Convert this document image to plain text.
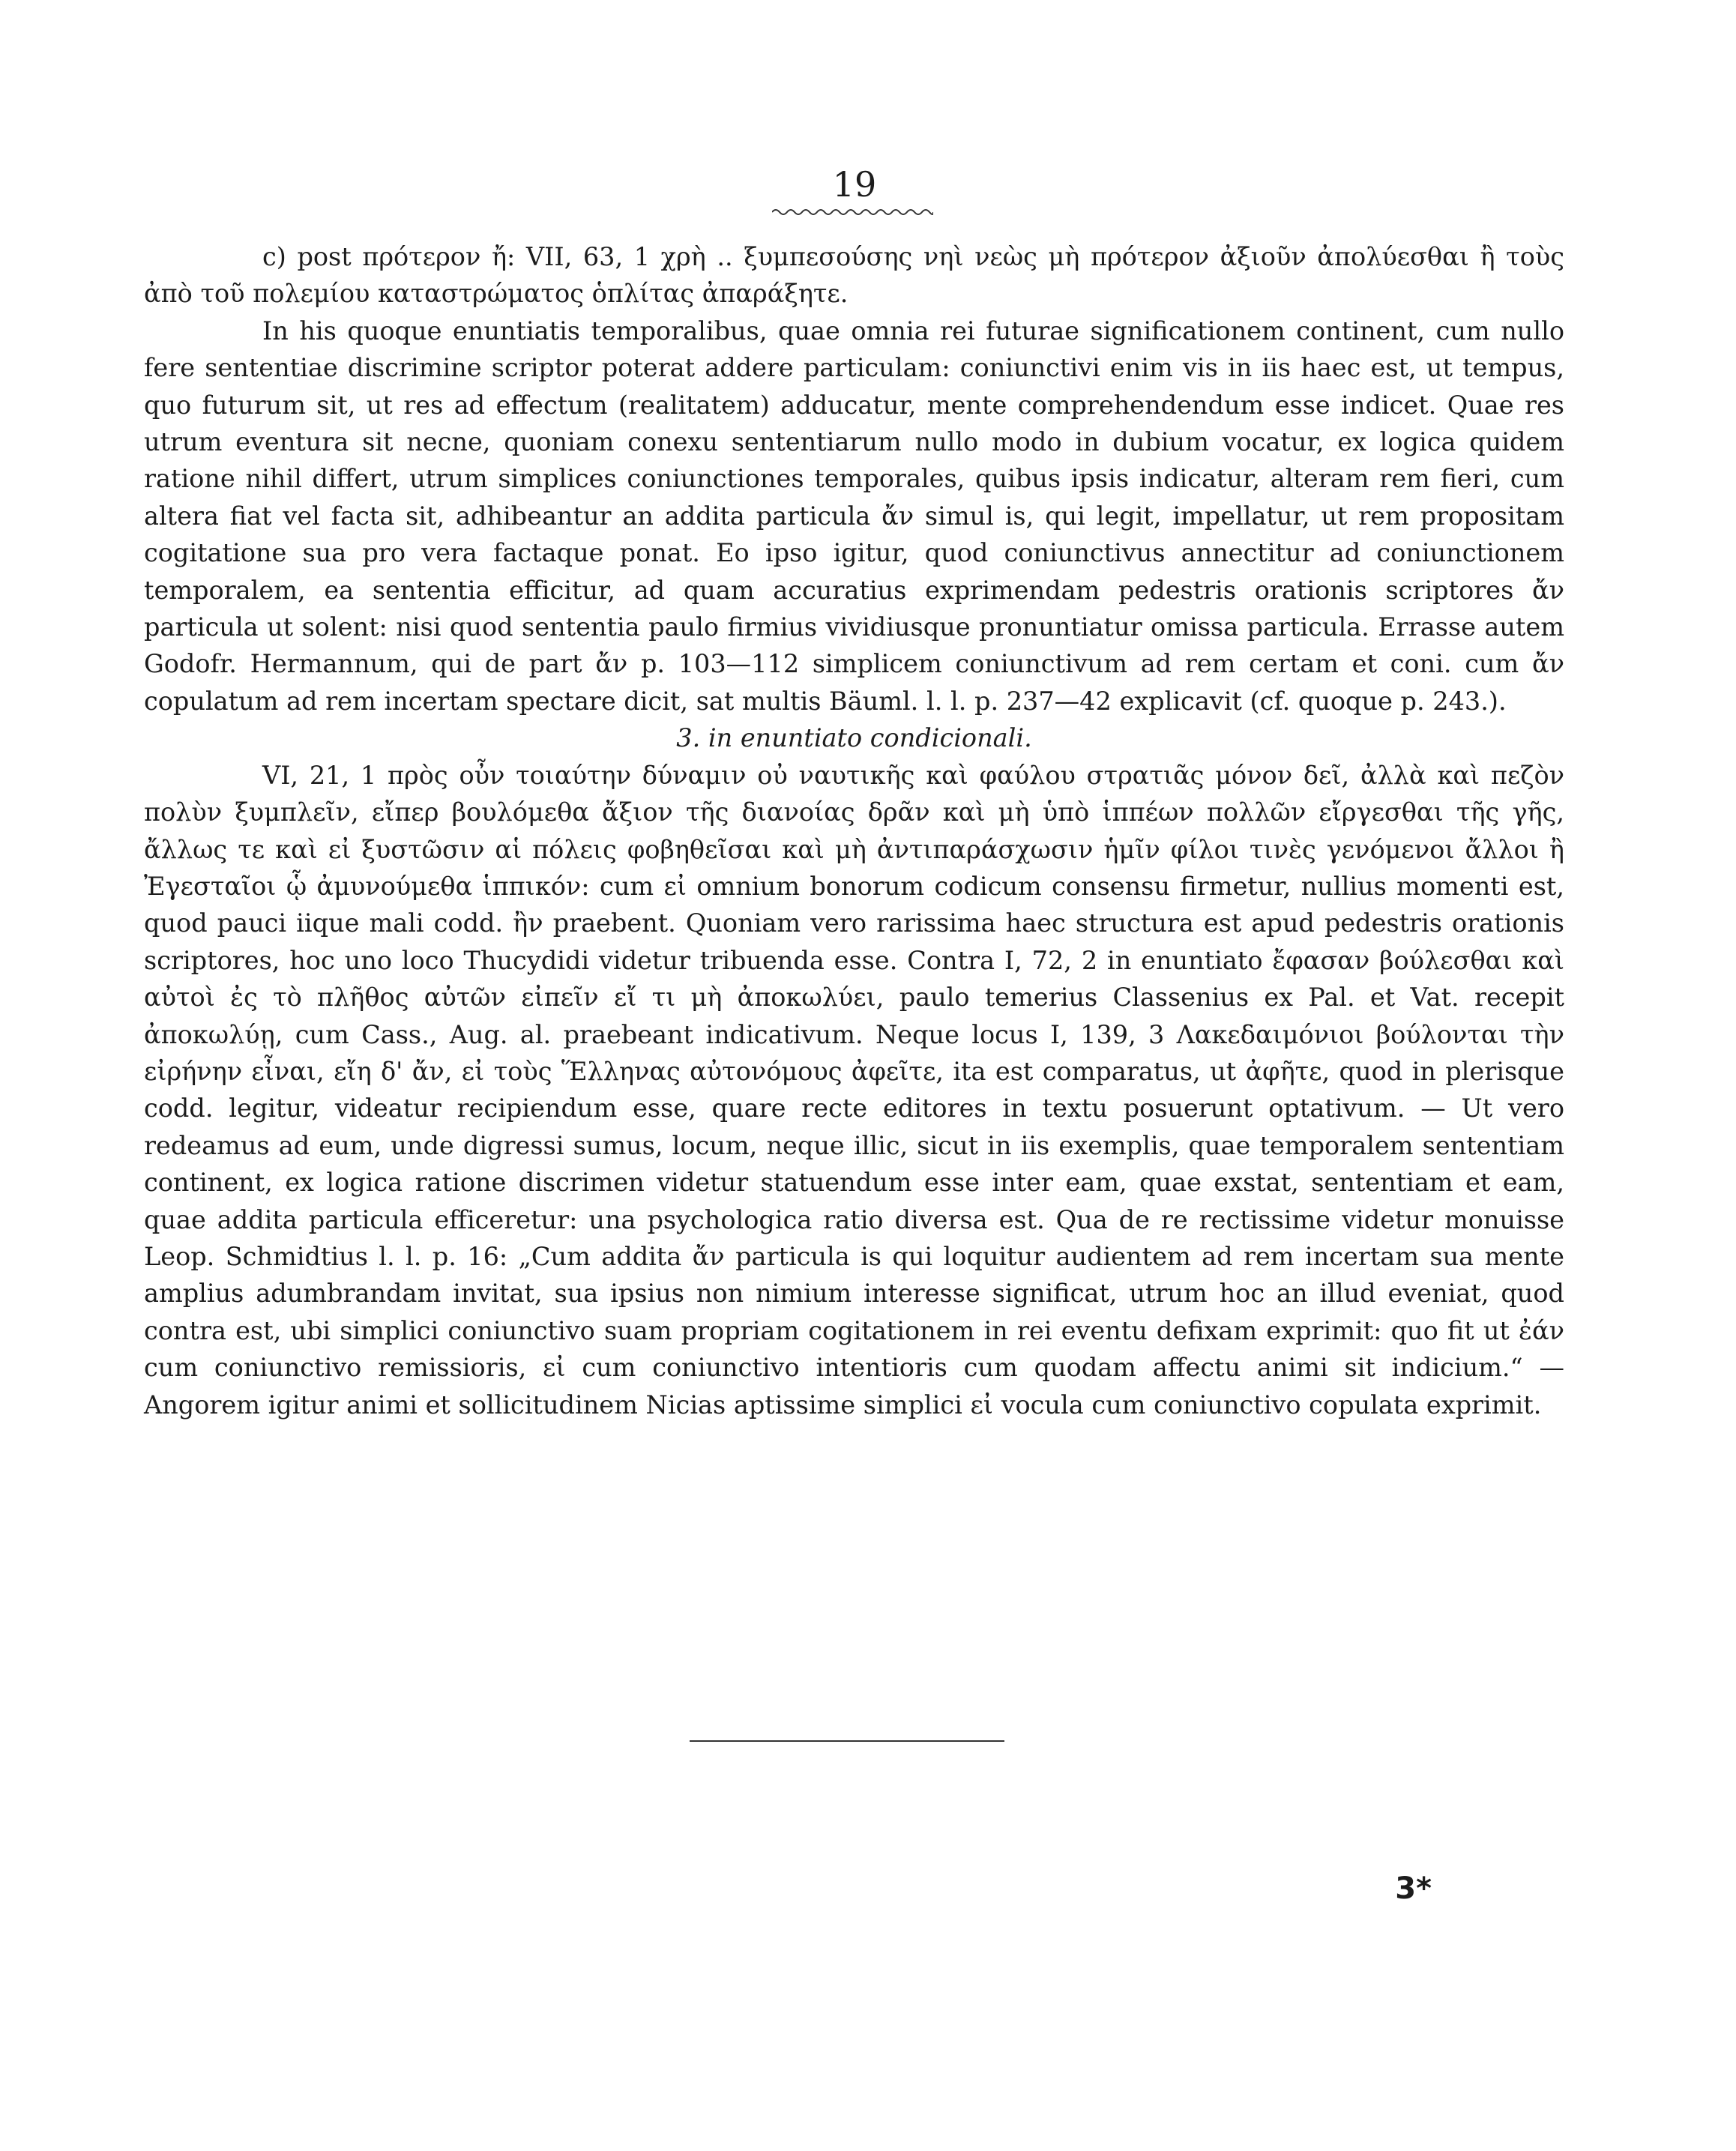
19

c) post πρότερον ἤ: VII, 63, 1 χρὴ .. ξυμπεσούσης νηὶ νεὼς μὴ πρότερον ἀξιοῦν ἀπολύεσθαι ἢ τοὺς ἀπὸ τοῦ πολεμίου καταστρώματος ὁπλίτας ἀπαράξητε.

In his quoque enuntiatis temporalibus, quae omnia rei futurae significationem continent, cum nullo fere sententiae discrimine scriptor poterat addere particulam: coniunctivi enim vis in iis haec est, ut tempus, quo futurum sit, ut res ad effectum (realitatem) adducatur, mente comprehendendum esse indicet. Quae res utrum eventura sit necne, quoniam conexu sententiarum nullo modo in dubium vocatur, ex logica quidem ratione nihil differt, utrum simplices coniunctiones temporales, quibus ipsis indicatur, alteram rem fieri, cum altera fiat vel facta sit, adhibeantur an addita particula ἄν simul is, qui legit, impellatur, ut rem propositam cogitatione sua pro vera factaque ponat. Eo ipso igitur, quod coniunctivus annectitur ad coniunctionem temporalem, ea sententia efficitur, ad quam accuratius exprimendam pedestris orationis scriptores ἄν particula ut solent: nisi quod sententia paulo firmius vividiusque pronuntiatur omissa particula. Errasse autem Godofr. Hermannum, qui de part ἄν p. 103—112 simplicem coniunctivum ad rem certam et coni. cum ἄν copulatum ad rem incertam spectare dicit, sat multis Bäuml. l. l. p. 237—42 explicavit (cf. quoque p. 243.).

3. in enuntiato condicionali.

VI, 21, 1 πρὸς οὖν τοιαύτην δύναμιν οὐ ναυτικῆς καὶ φαύλου στρατιᾶς μόνον δεῖ, ἀλλὰ καὶ πεζὸν πολὺν ξυμπλεῖν, εἴπερ βουλόμεθα ἄξιον τῆς διανοίας δρᾶν καὶ μὴ ὑπὸ ἱππέων πολλῶν εἴργεσθαι τῆς γῆς, ἄλλως τε καὶ εἰ ξυστῶσιν αἱ πόλεις φοβηθεῖσαι καὶ μὴ ἀντιπαράσχωσιν ἡμῖν φίλοι τινὲς γενόμενοι ἄλλοι ἢ Ἐγεσταῖοι ᾧ ἀμυνούμεθα ἱππικόν: cum εἰ omnium bonorum codicum consensu firmetur, nullius momenti est, quod pauci iique mali codd. ἢν praebent. Quoniam vero rarissima haec structura est apud pedestris orationis scriptores, hoc uno loco Thucydidi videtur tribuenda esse. Contra I, 72, 2 in enuntiato ἔφασαν βούλεσθαι καὶ αὐτοὶ ἐς τὸ πλῆθος αὐτῶν εἰπεῖν εἴ τι μὴ ἀποκωλύει, paulo temerius Classenius ex Pal. et Vat. recepit ἀποκωλύῃ, cum Cass., Aug. al. praebeant indicativum. Neque locus I, 139, 3 Λακεδαιμόνιοι βούλονται τὴν εἰρήνην εἶναι, εἴη δ' ἄν, εἰ τοὺς Ἕλληνας αὐτονόμους ἀφεῖτε, ita est comparatus, ut ἀφῆτε, quod in plerisque codd. legitur, videatur recipiendum esse, quare recte editores in textu posuerunt optativum. — Ut vero redeamus ad eum, unde digressi sumus, locum, neque illic, sicut in iis exemplis, quae temporalem sententiam continent, ex logica ratione discrimen videtur statuendum esse inter eam, quae exstat, sententiam et eam, quae addita particula efficeretur: una psychologica ratio diversa est. Qua de re rectissime videtur monuisse Leop. Schmidtius l. l. p. 16: „Cum addita ἄν particula is qui loquitur audientem ad rem incertam sua mente amplius adumbrandam invitat, sua ipsius non nimium interesse significat, utrum hoc an illud eveniat, quod contra est, ubi simplici coniunctivo suam propriam cogitationem in rei eventu defixam exprimit: quo fit ut ἐάν cum coniunctivo remissioris, εἰ cum coniunctivo intentioris cum quodam affectu animi sit indicium.“ — Angorem igitur animi et sollicitudinem Nicias aptissime simplici εἰ vocula cum coniunctivo copulata exprimit.

3*
